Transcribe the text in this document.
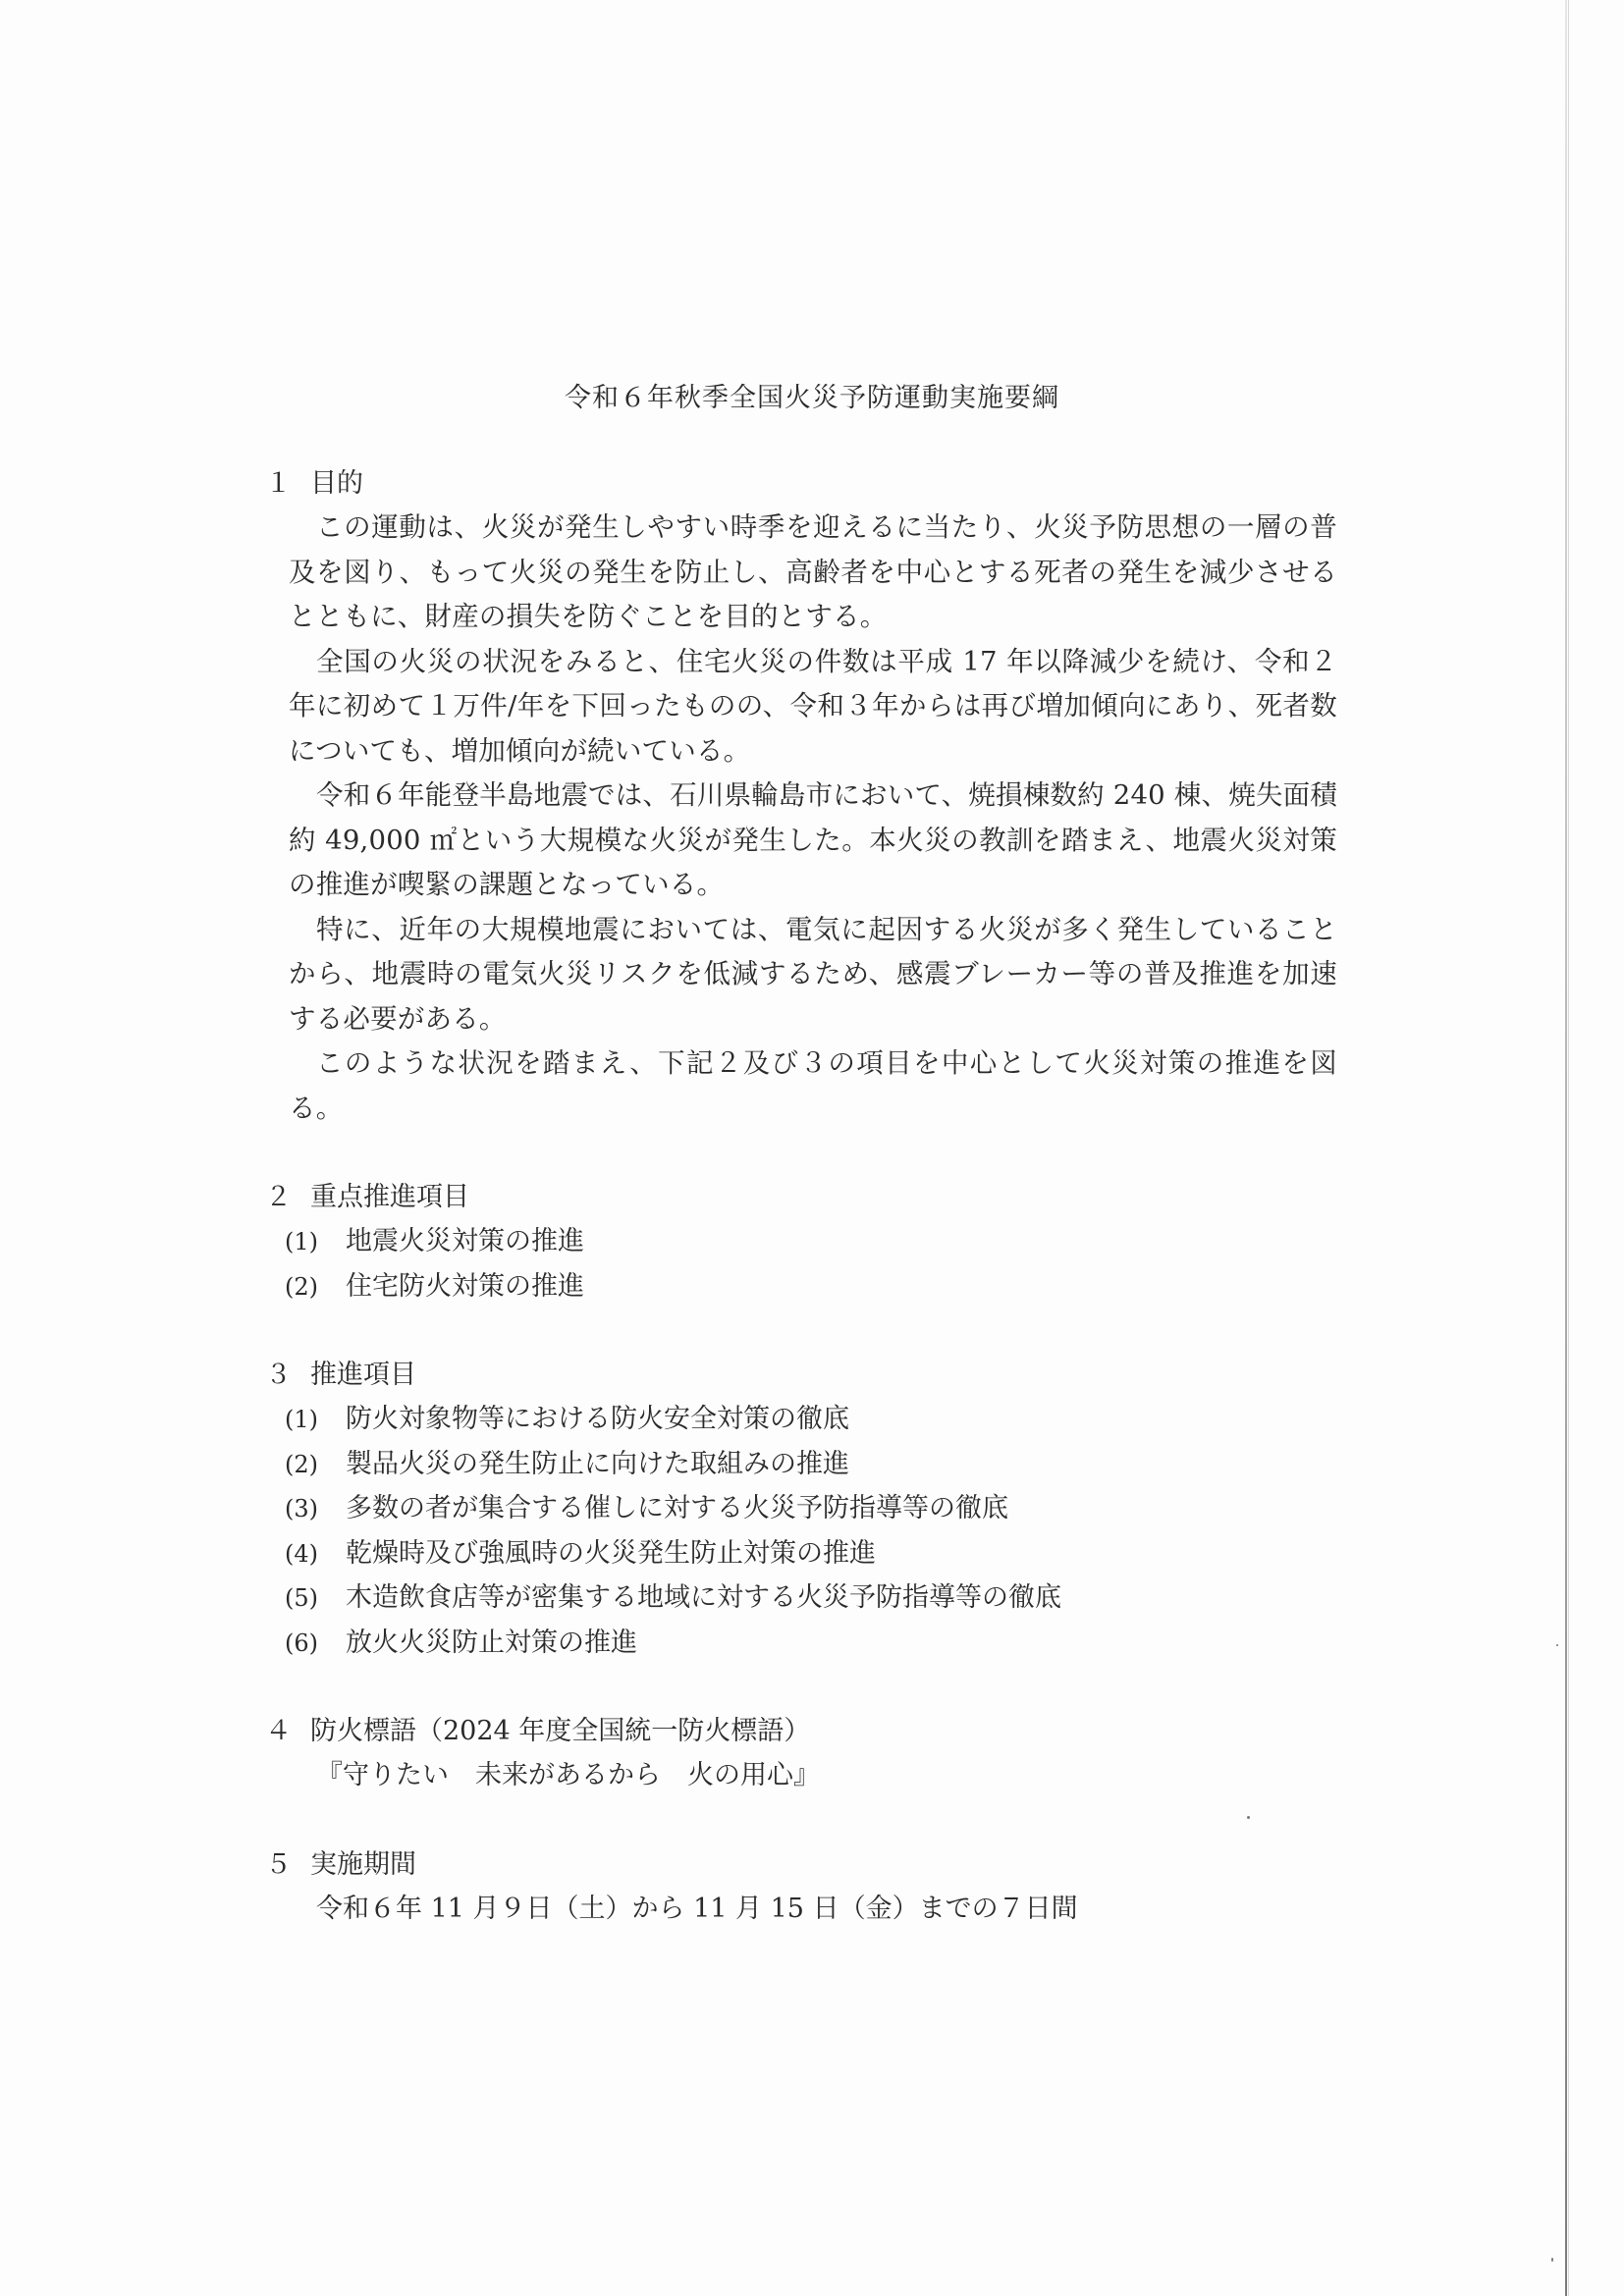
令和６年秋季全国火災予防運動実施要綱
１ 目的
この運動は、火災が発生しやすい時季を迎えるに当たり、火災予防思想の一層の普及を図り、もって火災の発生を防止し、高齢者を中心とする死者の発生を減少させるとともに、財産の損失を防ぐことを目的とする。
全国の火災の状況をみると、住宅火災の件数は平成 17 年以降減少を続け、令和２年に初めて１万件/年を下回ったものの、令和３年からは再び増加傾向にあり、死者数についても、増加傾向が続いている。
令和６年能登半島地震では、石川県輪島市において、焼損棟数約 240 棟、焼失面積約 49,000 ㎡という大規模な火災が発生した。本火災の教訓を踏まえ、地震火災対策の推進が喫緊の課題となっている。
特に、近年の大規模地震においては、電気に起因する火災が多く発生していることから、地震時の電気火災リスクを低減するため、感震ブレーカー等の普及推進を加速する必要がある。
このような状況を踏まえ、下記２及び３の項目を中心として火災対策の推進を図る。
２ 重点推進項目
(1) 地震火災対策の推進
(2) 住宅防火対策の推進
３ 推進項目
(1) 防火対象物等における防火安全対策の徹底
(2) 製品火災の発生防止に向けた取組みの推進
(3) 多数の者が集合する催しに対する火災予防指導等の徹底
(4) 乾燥時及び強風時の火災発生防止対策の推進
(5) 木造飲食店等が密集する地域に対する火災予防指導等の徹底
(6) 放火火災防止対策の推進
４ 防火標語（2024 年度全国統一防火標語）
『守りたい　未来があるから　火の用心』
５ 実施期間
令和６年 11 月９日（土）から 11 月 15 日（金）までの７日間
